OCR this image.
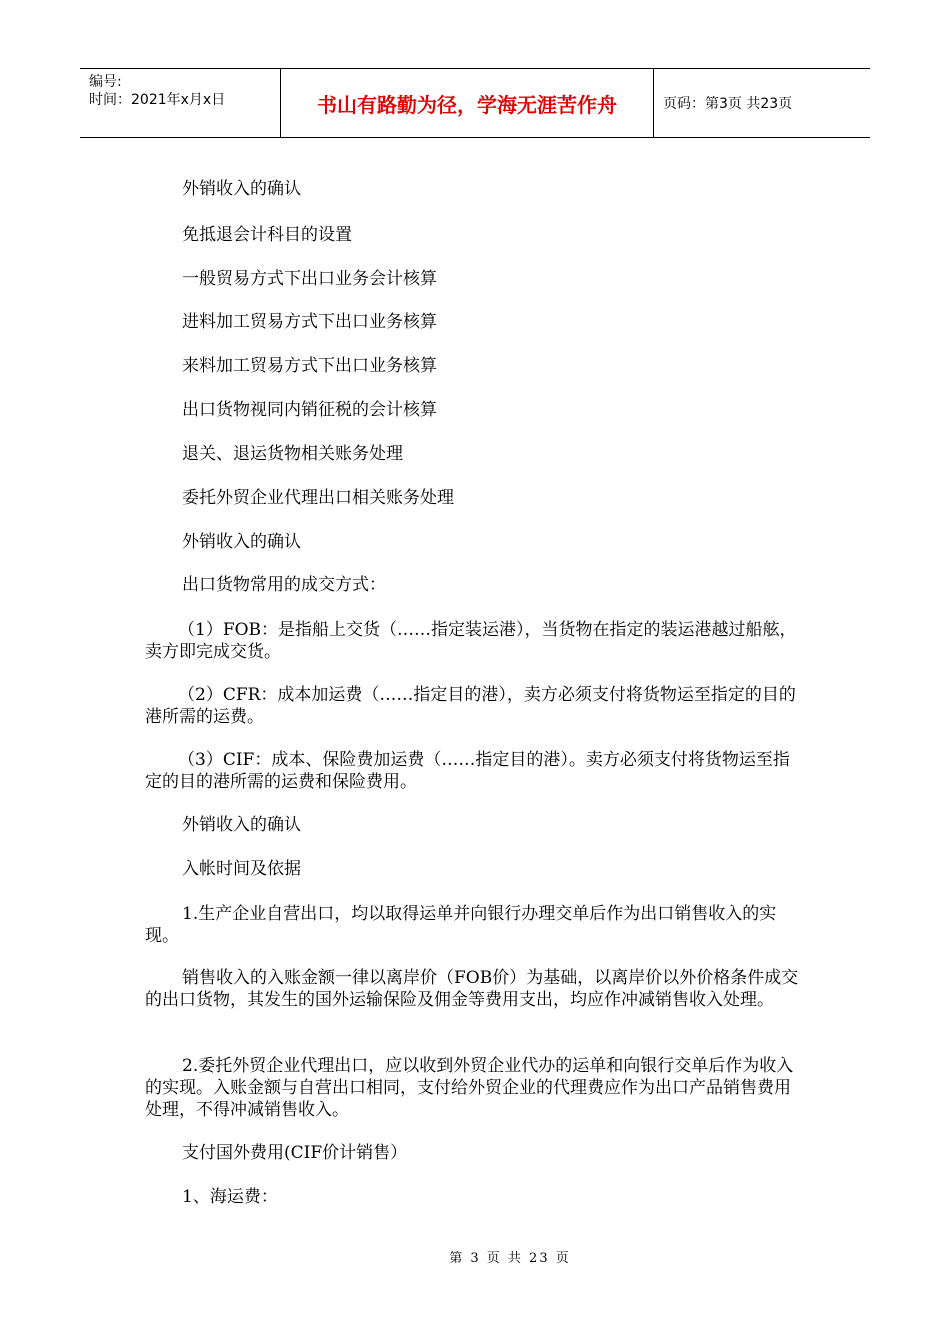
编号:
时间：2021年x月x日	书山有路勤为径，学海无涯苦作舟	页码：第3页 共23页

外销收入的确认

免抵退会计科目的设置

一般贸易方式下出口业务会计核算

进料加工贸易方式下出口业务核算

来料加工贸易方式下出口业务核算

出口货物视同内销征税的会计核算

退关、退运货物相关账务处理

委托外贸企业代理出口相关账务处理

外销收入的确认

出口货物常用的成交方式：

（1）FOB：是指船上交货（……指定装运港），当货物在指定的装运港越过船舷，卖方即完成交货。

（2）CFR：成本加运费（……指定目的港），卖方必须支付将货物运至指定的目的港所需的运费。

（3）CIF：成本、保险费加运费（……指定目的港）。卖方必须支付将货物运至指定的目的港所需的运费和保险费用。

外销收入的确认

入帐时间及依据

1.生产企业自营出口，均以取得运单并向银行办理交单后作为出口销售收入的实现。

销售收入的入账金额一律以离岸价（FOB价）为基础，以离岸价以外价格条件成交的出口货物，其发生的国外运输保险及佣金等费用支出，均应作冲减销售收入处理。

2.委托外贸企业代理出口，应以收到外贸企业代办的运单和向银行交单后作为收入的实现。入账金额与自营出口相同，支付给外贸企业的代理费应作为出口产品销售费用处理，不得冲减销售收入。

支付国外费用(CIF价计销售）

1、海运费：

第 3 页 共 23 页
